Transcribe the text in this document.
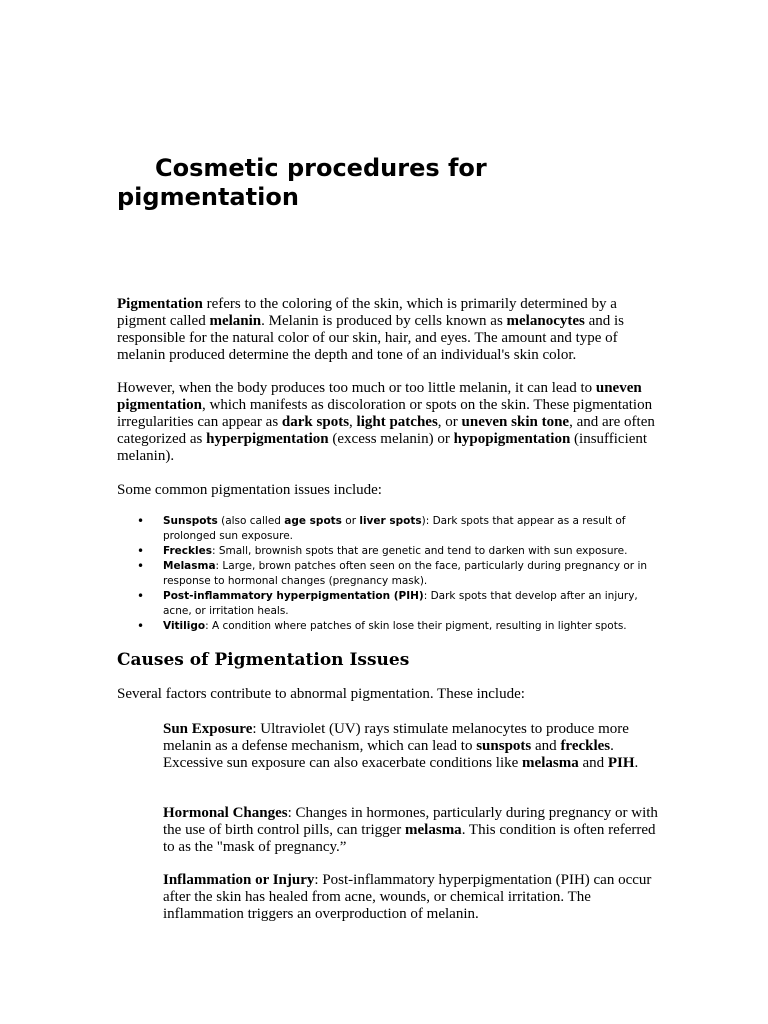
Cosmetic procedures for pigmentation

Pigmentation refers to the coloring of the skin, which is primarily determined by a pigment called melanin. Melanin is produced by cells known as melanocytes and is responsible for the natural color of our skin, hair, and eyes. The amount and type of melanin produced determine the depth and tone of an individual's skin color.

However, when the body produces too much or too little melanin, it can lead to uneven pigmentation, which manifests as discoloration or spots on the skin. These pigmentation irregularities can appear as dark spots, light patches, or uneven skin tone, and are often categorized as hyperpigmentation (excess melanin) or hypopigmentation (insufficient melanin).

Some common pigmentation issues include:

• Sunspots (also called age spots or liver spots): Dark spots that appear as a result of prolonged sun exposure.
• Freckles: Small, brownish spots that are genetic and tend to darken with sun exposure.
• Melasma: Large, brown patches often seen on the face, particularly during pregnancy or in response to hormonal changes (pregnancy mask).
• Post-inflammatory hyperpigmentation (PIH): Dark spots that develop after an injury, acne, or irritation heals.
• Vitiligo: A condition where patches of skin lose their pigment, resulting in lighter spots.
Causes of Pigmentation Issues

Several factors contribute to abnormal pigmentation. These include:

Sun Exposure: Ultraviolet (UV) rays stimulate melanocytes to produce more melanin as a defense mechanism, which can lead to sunspots and freckles. Excessive sun exposure can also exacerbate conditions like melasma and PIH.

Hormonal Changes: Changes in hormones, particularly during pregnancy or with the use of birth control pills, can trigger melasma. This condition is often referred to as the "mask of pregnancy.”

Inflammation or Injury: Post-inflammatory hyperpigmentation (PIH) can occur after the skin has healed from acne, wounds, or chemical irritation. The inflammation triggers an overproduction of melanin.
